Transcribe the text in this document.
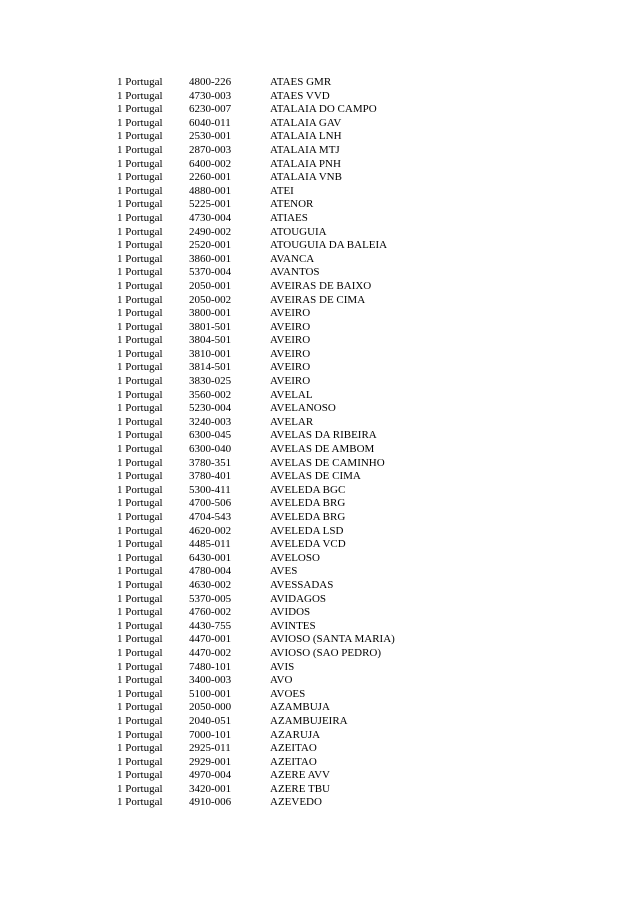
1 Portugal 4800-226	ATAES GMR
1 Portugal 4730-003	ATAES VVD
1 Portugal 6230-007	ATALAIA DO CAMPO
1 Portugal 6040-011	ATALAIA GAV
1 Portugal 2530-001	ATALAIA LNH
1 Portugal 2870-003	ATALAIA MTJ
1 Portugal 6400-002	ATALAIA PNH
1 Portugal 2260-001	ATALAIA VNB
1 Portugal 4880-001	ATEI
1 Portugal 5225-001	ATENOR
1 Portugal 4730-004	ATIAES
1 Portugal 2490-002	ATOUGUIA
1 Portugal 2520-001	ATOUGUIA DA BALEIA
1 Portugal 3860-001	AVANCA
1 Portugal 5370-004	AVANTOS
1 Portugal 2050-001	AVEIRAS DE BAIXO
1 Portugal 2050-002	AVEIRAS DE CIMA
1 Portugal 3800-001	AVEIRO
1 Portugal 3801-501	AVEIRO
1 Portugal 3804-501	AVEIRO
1 Portugal 3810-001	AVEIRO
1 Portugal 3814-501	AVEIRO
1 Portugal 3830-025	AVEIRO
1 Portugal 3560-002	AVELAL
1 Portugal 5230-004	AVELANOSO
1 Portugal 3240-003	AVELAR
1 Portugal 6300-045	AVELAS DA RIBEIRA
1 Portugal 6300-040	AVELAS DE AMBOM
1 Portugal 3780-351	AVELAS DE CAMINHO
1 Portugal 3780-401	AVELAS DE CIMA
1 Portugal 5300-411	AVELEDA BGC
1 Portugal 4700-506	AVELEDA BRG
1 Portugal 4704-543	AVELEDA BRG
1 Portugal 4620-002	AVELEDA LSD
1 Portugal 4485-011	AVELEDA VCD
1 Portugal 6430-001	AVELOSO
1 Portugal 4780-004	AVES
1 Portugal 4630-002	AVESSADAS
1 Portugal 5370-005	AVIDAGOS
1 Portugal 4760-002	AVIDOS
1 Portugal 4430-755	AVINTES
1 Portugal 4470-001	AVIOSO (SANTA MARIA)
1 Portugal 4470-002	AVIOSO (SAO PEDRO)
1 Portugal 7480-101	AVIS
1 Portugal 3400-003	AVO
1 Portugal 5100-001	AVOES
1 Portugal 2050-000	AZAMBUJA
1 Portugal 2040-051	AZAMBUJEIRA
1 Portugal 7000-101	AZARUJA
1 Portugal 2925-011	AZEITAO
1 Portugal 2929-001	AZEITAO
1 Portugal 4970-004	AZERE AVV
1 Portugal 3420-001	AZERE TBU
1 Portugal 4910-006	AZEVEDO
